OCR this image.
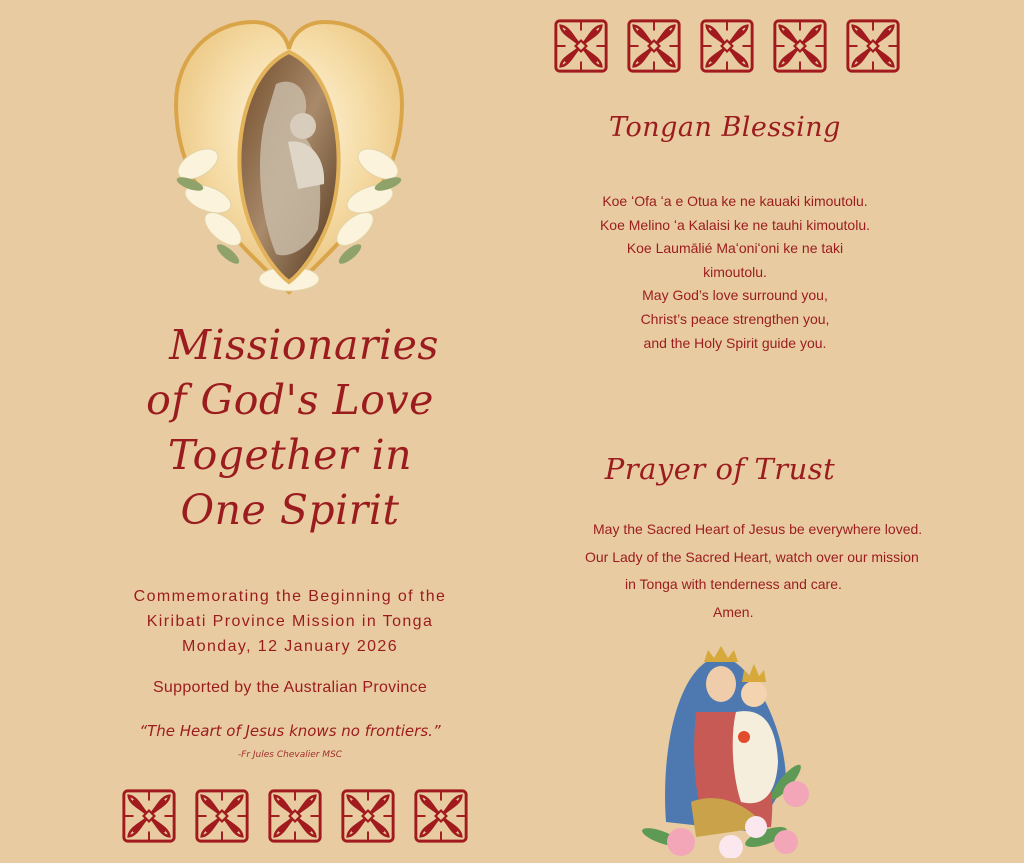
Missionaries
of God's Love
Together in
One Spirit
Commemorating the Beginning of the
Kiribati Province Mission in Tonga
Monday, 12 January 2026
Supported by the Australian Province
“The Heart of Jesus knows no frontiers.”
-Fr Jules Chevalier MSC
Tongan Blessing
Koe ʻOfa ʻa e Otua ke ne kauaki kimoutolu.
Koe Melino ʻa Kalaisi ke ne tauhi kimoutolu.
Koe Laumālié Maʻoniʻoni ke ne taki
kimoutolu.
May God’s love surround you,
Christ’s peace strengthen you,
and the Holy Spirit guide you.
Prayer of Trust
May the Sacred Heart of Jesus be everywhere loved.
Our Lady of the Sacred Heart, watch over our mission
in Tonga with tenderness and care.
Amen.
